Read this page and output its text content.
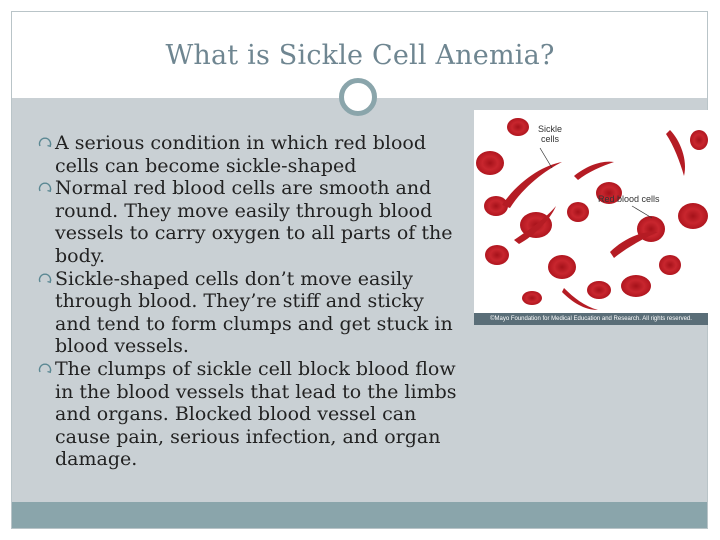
What is Sickle Cell Anemia?
A serious condition in which red blood cells can become sickle-shaped
Normal red blood cells are smooth and round. They move easily through blood vessels to carry oxygen to all parts of the body.
Sickle-shaped cells don’t move easily through blood. They’re stiff and sticky and tend to form clumps and get stuck in blood vessels.
The clumps of sickle cell block blood flow in the blood vessels that lead to the limbs and organs. Blocked blood vessel can cause pain, serious infection, and organ damage.
Sickle
cells
Red blood cells
©Mayo Foundation for Medical Education and Research. All rights reserved.
